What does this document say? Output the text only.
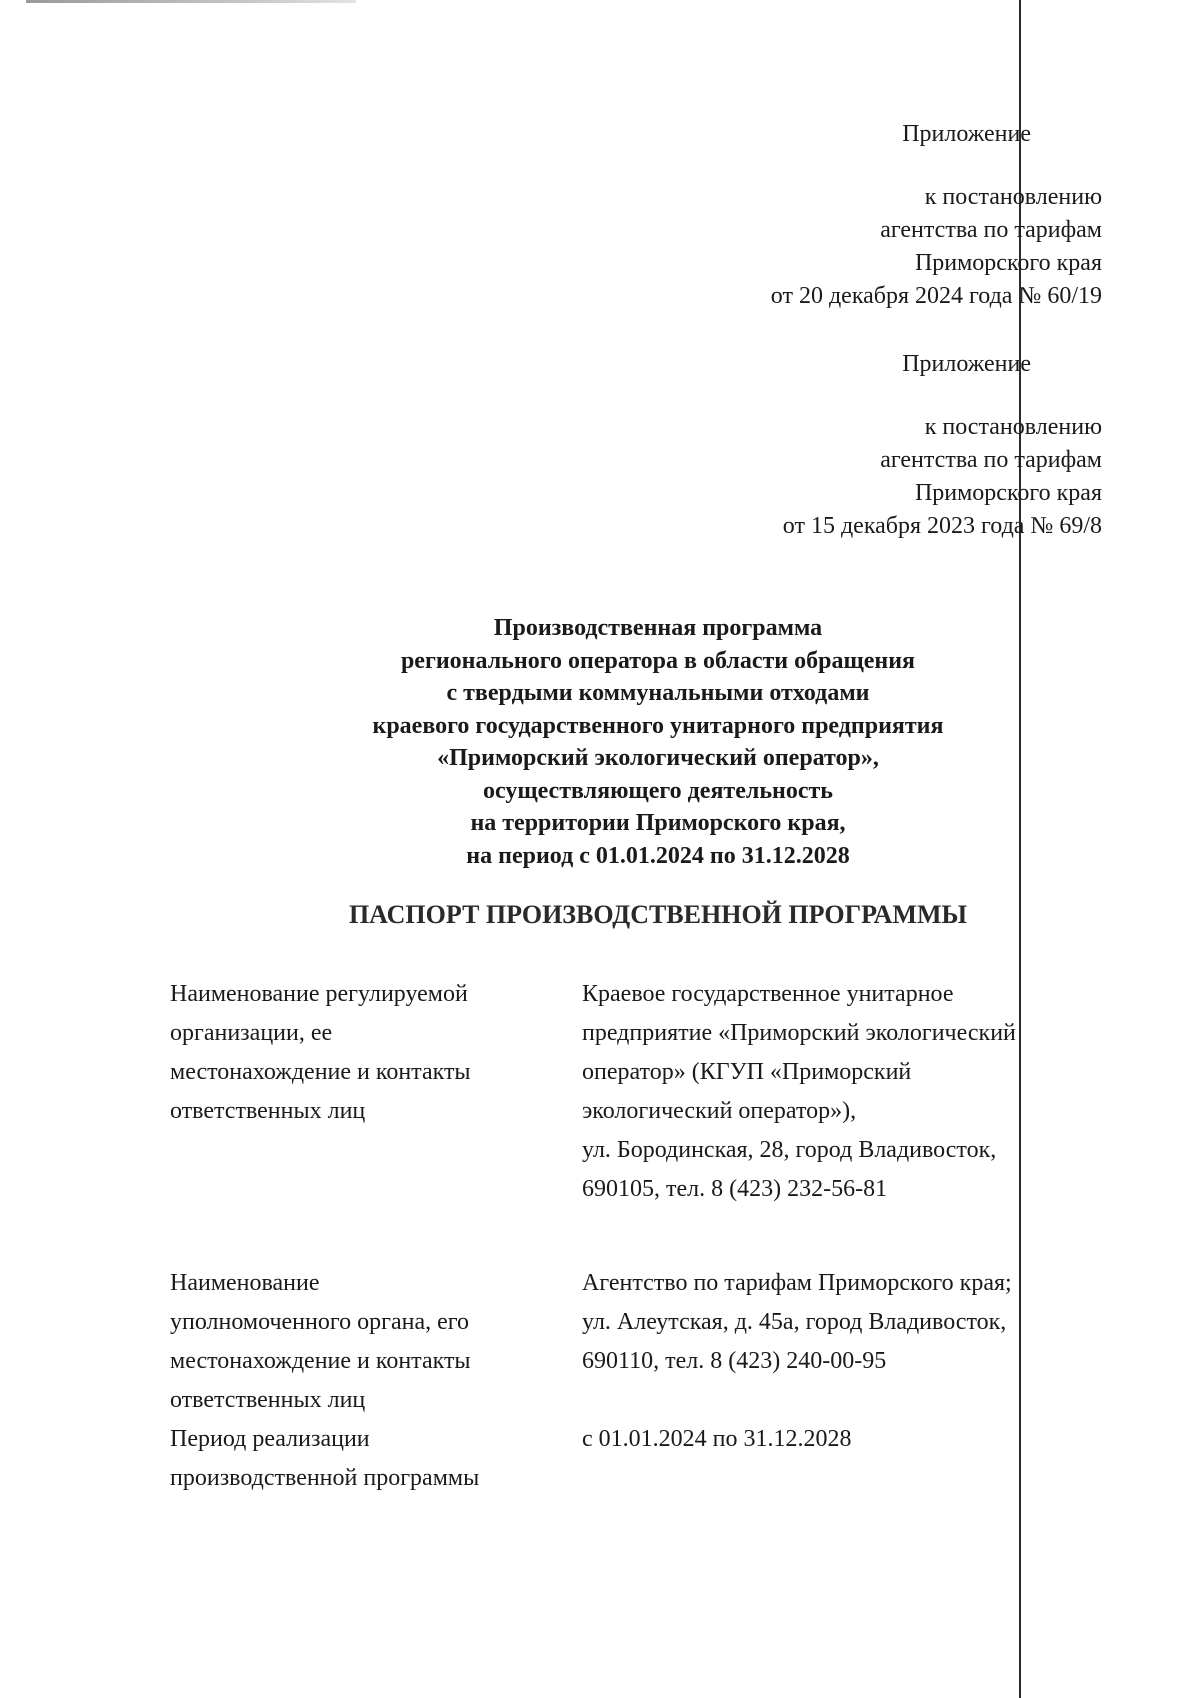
Приложение
к постановлению
агентства по тарифам
Приморского края
от 20 декабря 2024 года № 60/19
Приложение
к постановлению
агентства по тарифам
Приморского края
от 15 декабря 2023 года № 69/8
Производственная программа
регионального оператора в области обращения
с твердыми коммунальными отходами
краевого государственного унитарного предприятия
«Приморский экологический оператор»,
осуществляющего деятельность
на территории Приморского края,
на период с 01.01.2024 по 31.12.2028
ПАСПОРТ ПРОИЗВОДСТВЕННОЙ ПРОГРАММЫ
Наименование регулируемой
организации, ее
местонахождение и контакты
ответственных лиц
Краевое государственное унитарное
предприятие «Приморский экологический
оператор» (КГУП «Приморский
экологический оператор»),
ул. Бородинская, 28, город Владивосток,
690105, тел. 8 (423) 232-56-81
Наименование
уполномоченного органа, его
местонахождение и контакты
ответственных лиц
Агентство по тарифам Приморского края;
ул. Алеутская, д. 45а, город Владивосток,
690110, тел. 8 (423) 240-00-95
Период реализации
производственной программы
с 01.01.2024 по 31.12.2028
